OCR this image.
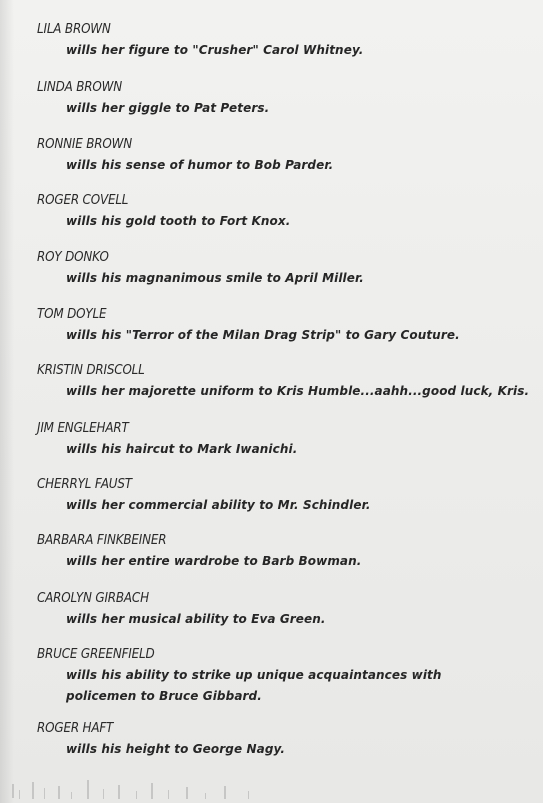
LILA BROWN
wills her figure to "Crusher" Carol Whitney.
LINDA BROWN
wills her giggle to Pat Peters.
RONNIE BROWN
wills his sense of humor to Bob Parder.
ROGER COVELL
wills his gold tooth to Fort Knox.
ROY DONKO
wills his magnanimous smile to April Miller.
TOM DOYLE
wills his "Terror of the Milan Drag Strip" to Gary Couture.
KRISTIN DRISCOLL
wills her majorette uniform to Kris Humble...aahh...good luck, Kris.
JIM ENGLEHART
wills his haircut to Mark Iwanichi.
CHERRYL FAUST
wills her commercial ability to Mr. Schindler.
BARBARA FINKBEINER
wills her entire wardrobe to Barb Bowman.
CAROLYN GIRBACH
wills her musical ability to Eva Green.
BRUCE GREENFIELD
wills his ability to strike up unique acquaintances with
policemen to Bruce Gibbard.
ROGER HAFT
wills his height to George Nagy.
